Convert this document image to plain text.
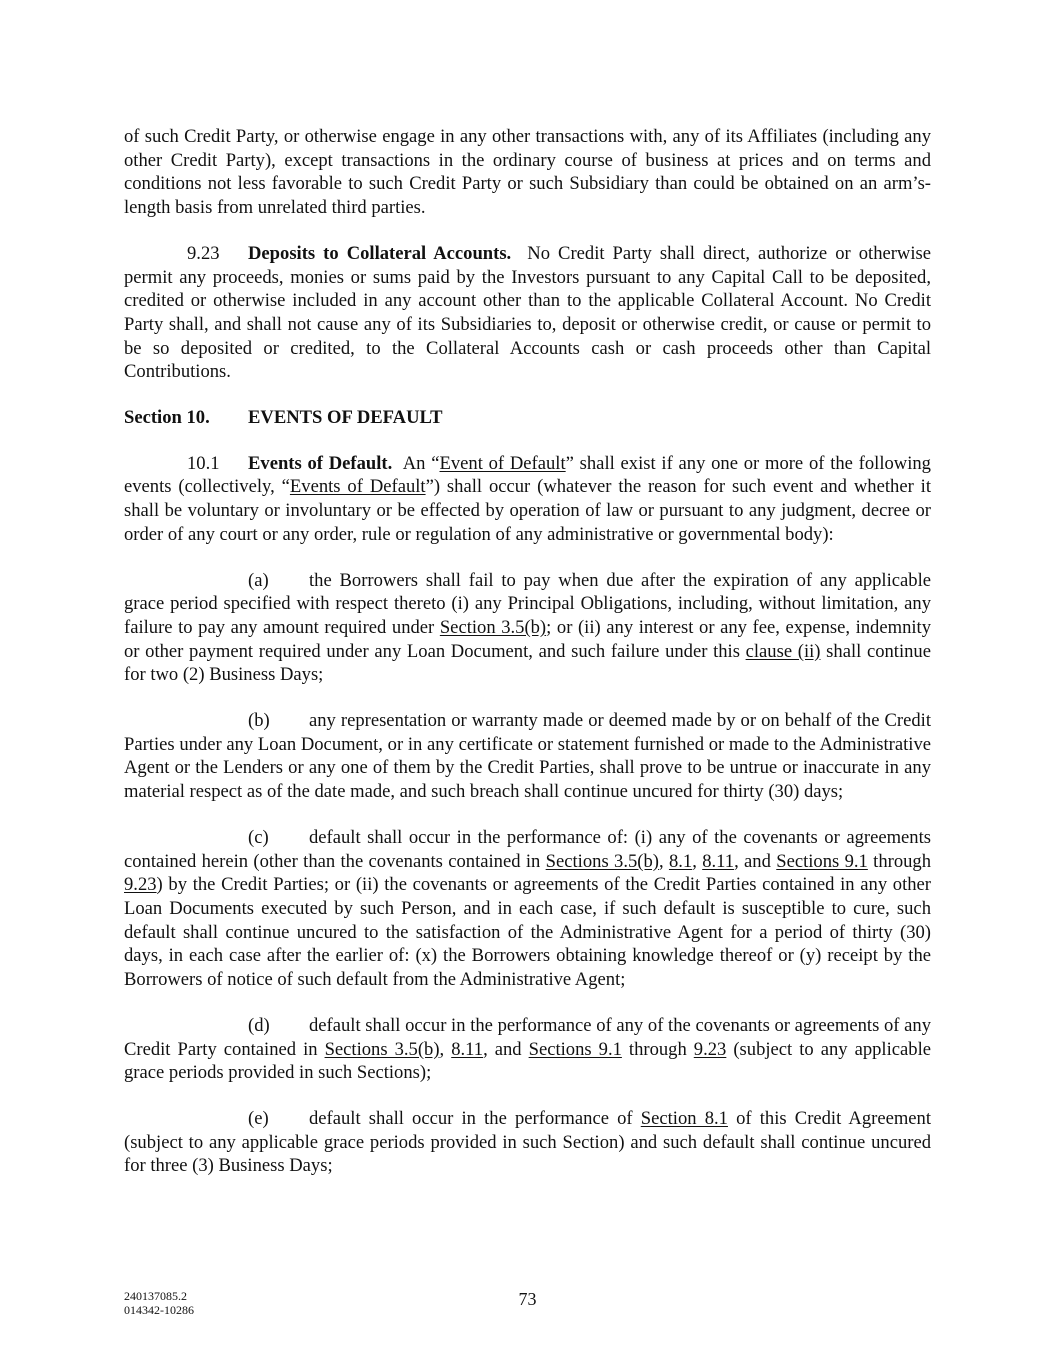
of such Credit Party, or otherwise engage in any other transactions with, any of its Affiliates (including any other Credit Party), except transactions in the ordinary course of business at prices and on terms and conditions not less favorable to such Credit Party or such Subsidiary than could be obtained on an arm’s-length basis from unrelated third parties.

9.23 Deposits to Collateral Accounts. No Credit Party shall direct, authorize or otherwise permit any proceeds, monies or sums paid by the Investors pursuant to any Capital Call to be deposited, credited or otherwise included in any account other than to the applicable Collateral Account. No Credit Party shall, and shall not cause any of its Subsidiaries to, deposit or otherwise credit, or cause or permit to be so deposited or credited, to the Collateral Accounts cash or cash proceeds other than Capital Contributions.

Section 10. EVENTS OF DEFAULT

10.1 Events of Default. An “Event of Default” shall exist if any one or more of the following events (collectively, “Events of Default”) shall occur (whatever the reason for such event and whether it shall be voluntary or involuntary or be effected by operation of law or pursuant to any judgment, decree or order of any court or any order, rule or regulation of any administrative or governmental body):

(a) the Borrowers shall fail to pay when due after the expiration of any applicable grace period specified with respect thereto (i) any Principal Obligations, including, without limitation, any failure to pay any amount required under Section 3.5(b); or (ii) any interest or any fee, expense, indemnity or other payment required under any Loan Document, and such failure under this clause (ii) shall continue for two (2) Business Days;

(b) any representation or warranty made or deemed made by or on behalf of the Credit Parties under any Loan Document, or in any certificate or statement furnished or made to the Administrative Agent or the Lenders or any one of them by the Credit Parties, shall prove to be untrue or inaccurate in any material respect as of the date made, and such breach shall continue uncured for thirty (30) days;

(c) default shall occur in the performance of: (i) any of the covenants or agreements contained herein (other than the covenants contained in Sections 3.5(b), 8.1, 8.11, and Sections 9.1 through 9.23) by the Credit Parties; or (ii) the covenants or agreements of the Credit Parties contained in any other Loan Documents executed by such Person, and in each case, if such default is susceptible to cure, such default shall continue uncured to the satisfaction of the Administrative Agent for a period of thirty (30) days, in each case after the earlier of: (x) the Borrowers obtaining knowledge thereof or (y) receipt by the Borrowers of notice of such default from the Administrative Agent;

(d) default shall occur in the performance of any of the covenants or agreements of any Credit Party contained in Sections 3.5(b), 8.11, and Sections 9.1 through 9.23 (subject to any applicable grace periods provided in such Sections);

(e) default shall occur in the performance of Section 8.1 of this Credit Agreement (subject to any applicable grace periods provided in such Section) and such default shall continue uncured for three (3) Business Days;

240137085.2
014342-10286
73
